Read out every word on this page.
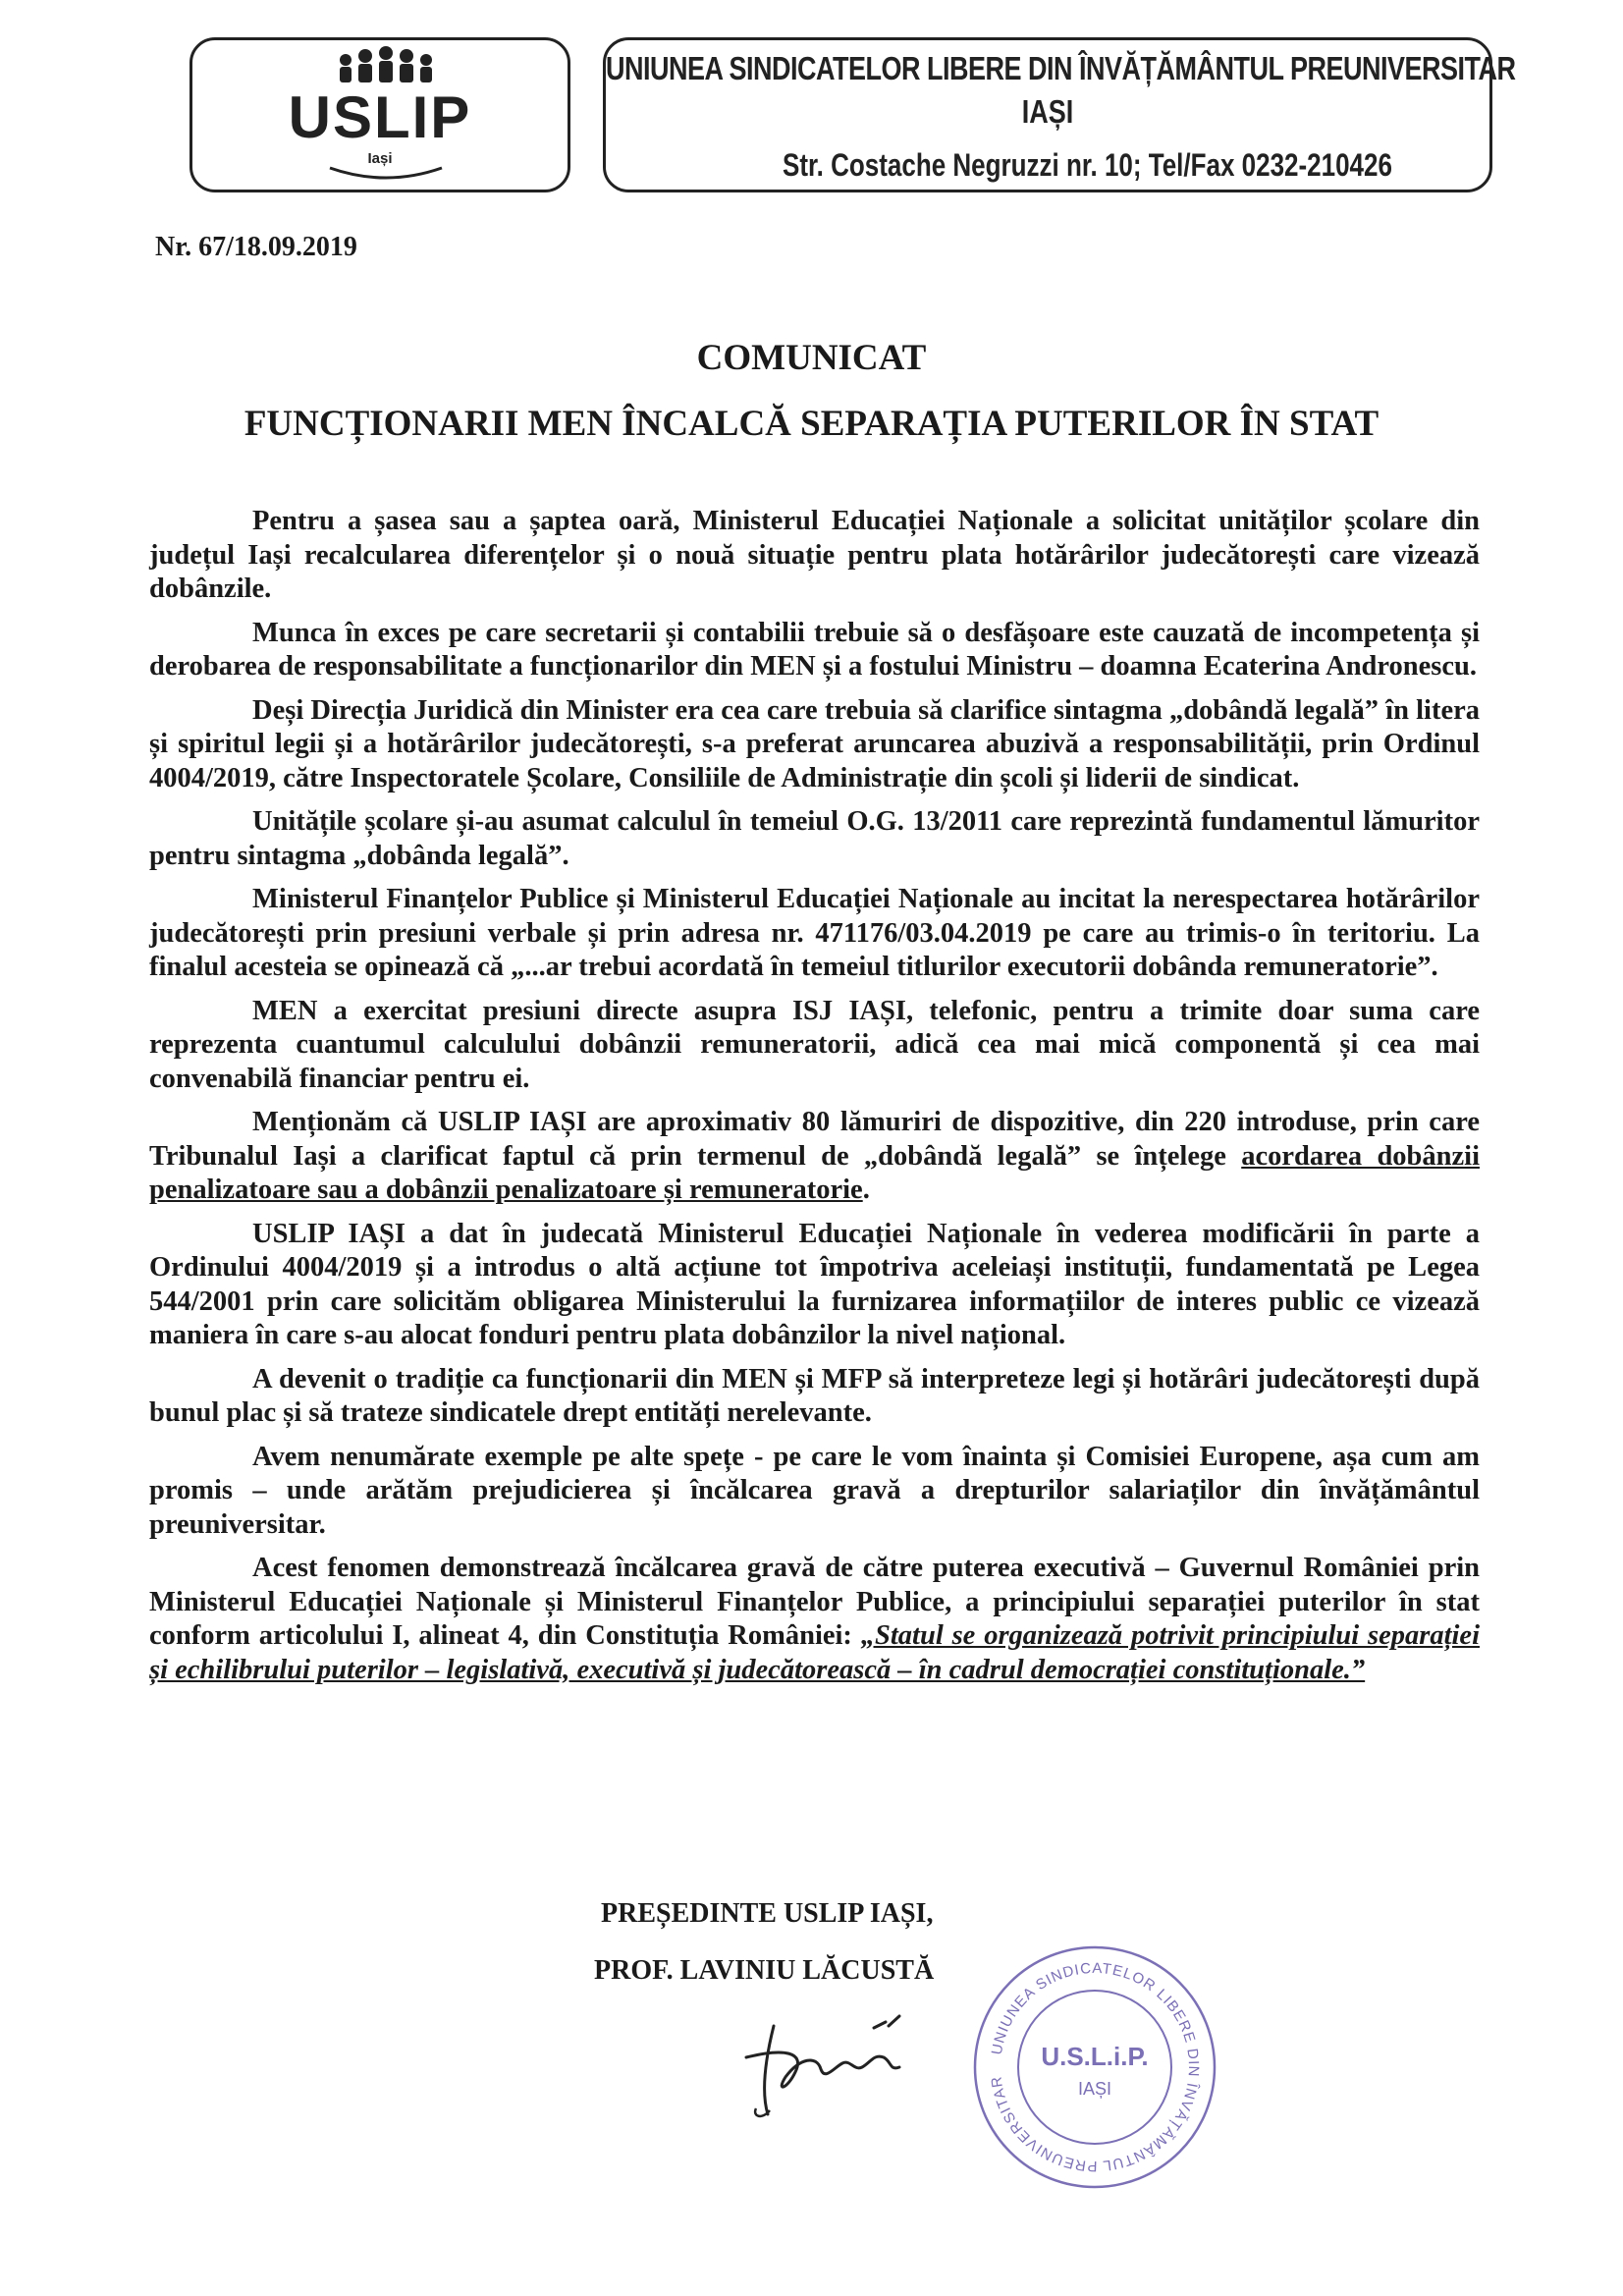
USLIP
Iași
UNIUNEA SINDICATELOR LIBERE DIN ÎNVĂȚĂMÂNTUL PREUNIVERSITAR
IAȘI
Str. Costache Negruzzi nr. 10; Tel/Fax 0232-210426
Nr. 67/18.09.2019
COMUNICAT
FUNCȚIONARII MEN ÎNCALCĂ SEPARAȚIA PUTERILOR ÎN STAT

Pentru a șasea sau a șaptea oară, Ministerul Educației Naționale a solicitat unităților școlare din județul Iași recalcularea diferențelor și o nouă situație pentru plata hotărârilor judecătorești care vizează dobânzile.

Munca în exces pe care secretarii și contabilii trebuie să o desfășoare este cauzată de incompetența și derobarea de responsabilitate a funcționarilor din MEN și a fostului Ministru – doamna Ecaterina Andronescu.

Deși Direcția Juridică din Minister era cea care trebuia să clarifice sintagma „dobândă legală” în litera și spiritul legii și a hotărârilor judecătorești, s-a preferat aruncarea abuzivă a responsabilității, prin Ordinul 4004/2019, către Inspectoratele Școlare, Consiliile de Administrație din școli și liderii de sindicat.

Unitățile școlare și-au asumat calculul în temeiul O.G. 13/2011 care reprezintă fundamentul lămuritor pentru sintagma „dobânda legală”.

Ministerul Finanțelor Publice și Ministerul Educației Naționale au incitat la nerespectarea hotărârilor judecătorești prin presiuni verbale și prin adresa nr. 471176/03.04.2019 pe care au trimis-o în teritoriu. La finalul acesteia se opinează că „...ar trebui acordată în temeiul titlurilor executorii dobânda remuneratorie”.

MEN a exercitat presiuni directe asupra ISJ IAȘI, telefonic, pentru a trimite doar suma care reprezenta cuantumul calculului dobânzii remuneratorii, adică cea mai mică componentă și cea mai convenabilă financiar pentru ei.

Menționăm că USLIP IAȘI are aproximativ 80 lămuriri de dispozitive, din 220 introduse, prin care Tribunalul Iași a clarificat faptul că prin termenul de „dobândă legală” se înțelege acordarea dobânzii penalizatoare sau a dobânzii penalizatoare și remuneratorie.

USLIP IAȘI a dat în judecată Ministerul Educației Naționale în vederea modificării în parte a Ordinului 4004/2019 și a introdus o altă acțiune tot împotriva aceleiași instituții, fundamentată pe Legea 544/2001 prin care solicităm obligarea Ministerului la furnizarea informațiilor de interes public ce vizează maniera în care s-au alocat fonduri pentru plata dobânzilor la nivel național.

A devenit o tradiție ca funcționarii din MEN și MFP să interpreteze legi și hotărâri judecătorești după bunul plac și să trateze sindicatele drept entități nerelevante.

Avem nenumărate exemple pe alte spețe - pe care le vom înainta și Comisiei Europene, așa cum am promis – unde arătăm prejudicierea și încălcarea gravă a drepturilor salariaților din învățământul preuniversitar.

Acest fenomen demonstrează încălcarea gravă de către puterea executivă – Guvernul României prin Ministerul Educației Naționale și Ministerul Finanțelor Publice, a principiului separației puterilor în stat conform articolului I, alineat 4, din Constituția României: „Statul se organizează potrivit principiului separației și echilibrului puterilor – legislativă, executivă și judecătorească – în cadrul democrației constituționale.”

PREȘEDINTE USLIP IAȘI,
PROF. LAVINIU LĂCUSTĂ
UNIUNEA SINDICATELOR LIBERE DIN ÎNVĂȚĂMÂNTUL PREUNIVERSITAR
U.S.L.i.P.
IAȘI
